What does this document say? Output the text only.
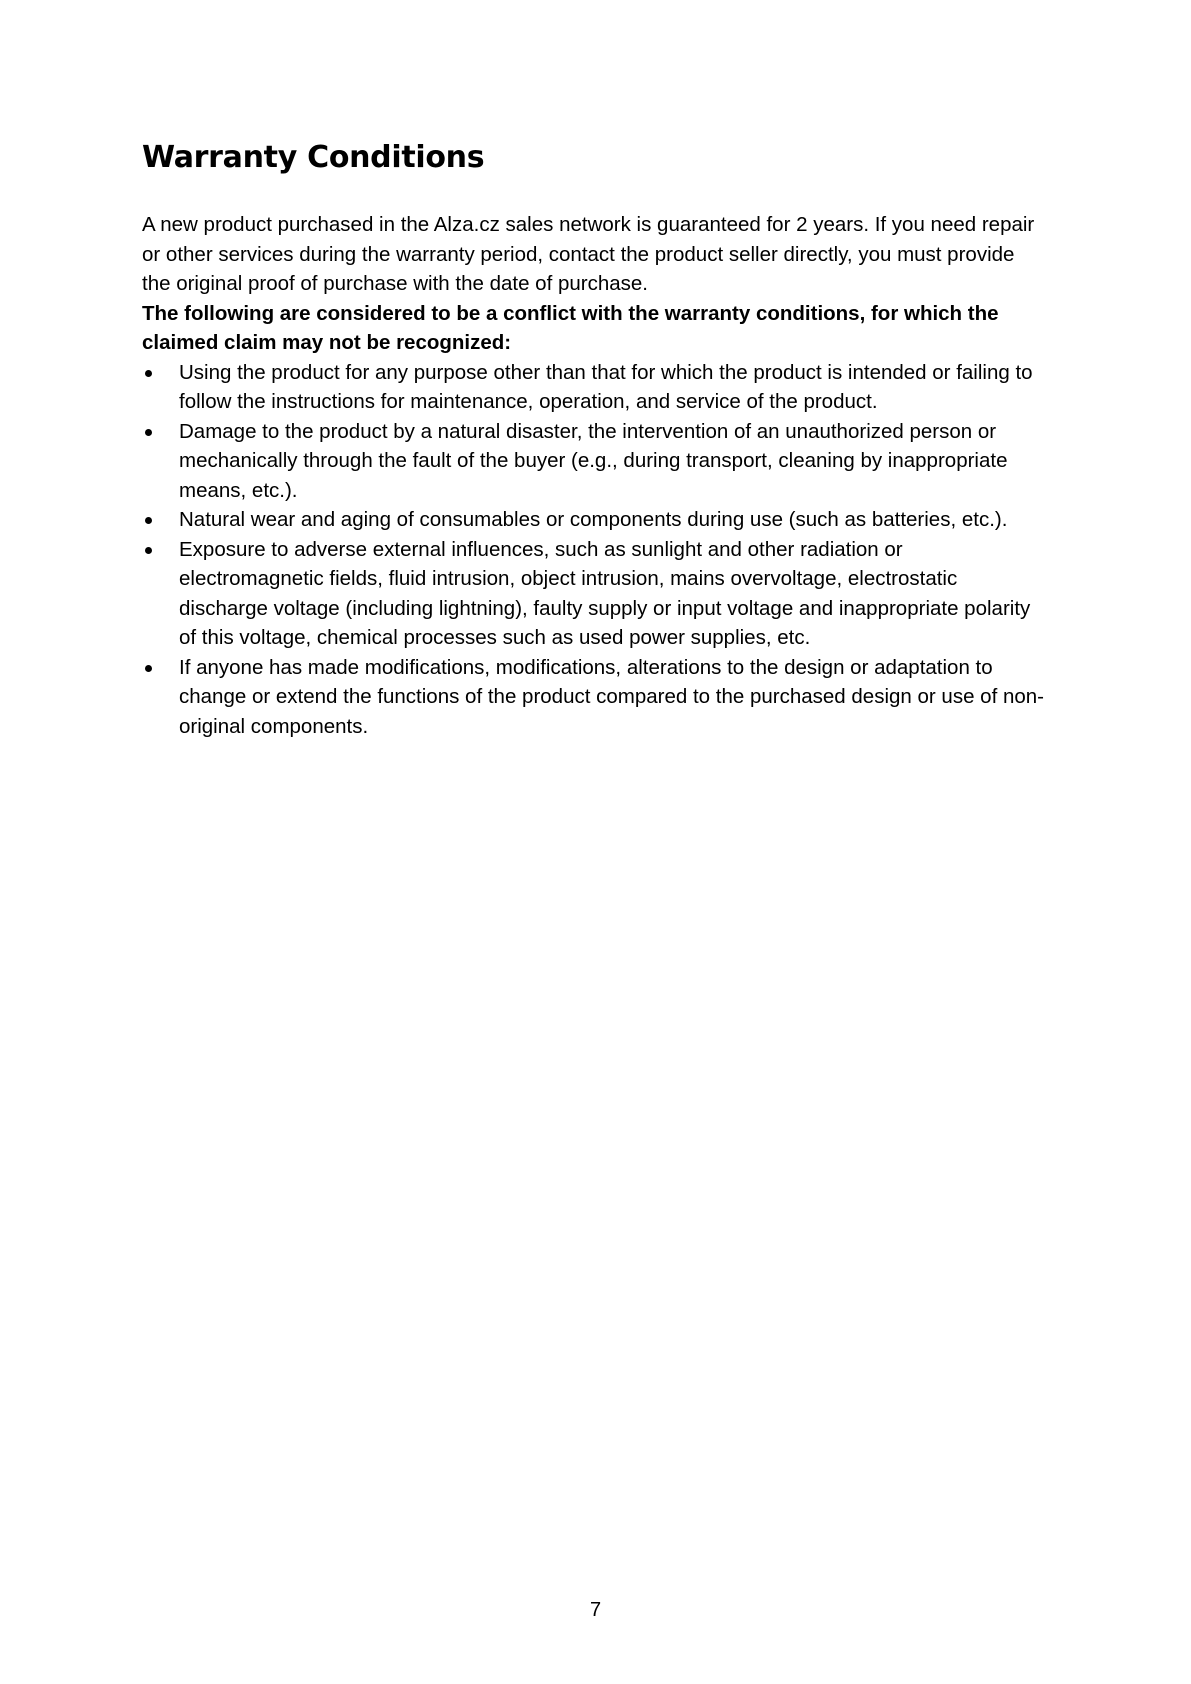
Warranty Conditions

A new product purchased in the Alza.cz sales network is guaranteed for 2 years. If you need repair or other services during the warranty period, contact the product seller directly, you must provide the original proof of purchase with the date of purchase.

The following are considered to be a conflict with the warranty conditions, for which the claimed claim may not be recognized:

Using the product for any purpose other than that for which the product is intended or failing to follow the instructions for maintenance, operation, and service of the product.
Damage to the product by a natural disaster, the intervention of an unauthorized person or mechanically through the fault of the buyer (e.g., during transport, cleaning by inappropriate means, etc.).
Natural wear and aging of consumables or components during use (such as batteries, etc.).
Exposure to adverse external influences, such as sunlight and other radiation or electromagnetic fields, fluid intrusion, object intrusion, mains overvoltage, electrostatic discharge voltage (including lightning), faulty supply or input voltage and inappropriate polarity of this voltage, chemical processes such as used power supplies, etc.
If anyone has made modifications, modifications, alterations to the design or adaptation to change or extend the functions of the product compared to the purchased design or use of non-original components.
7
